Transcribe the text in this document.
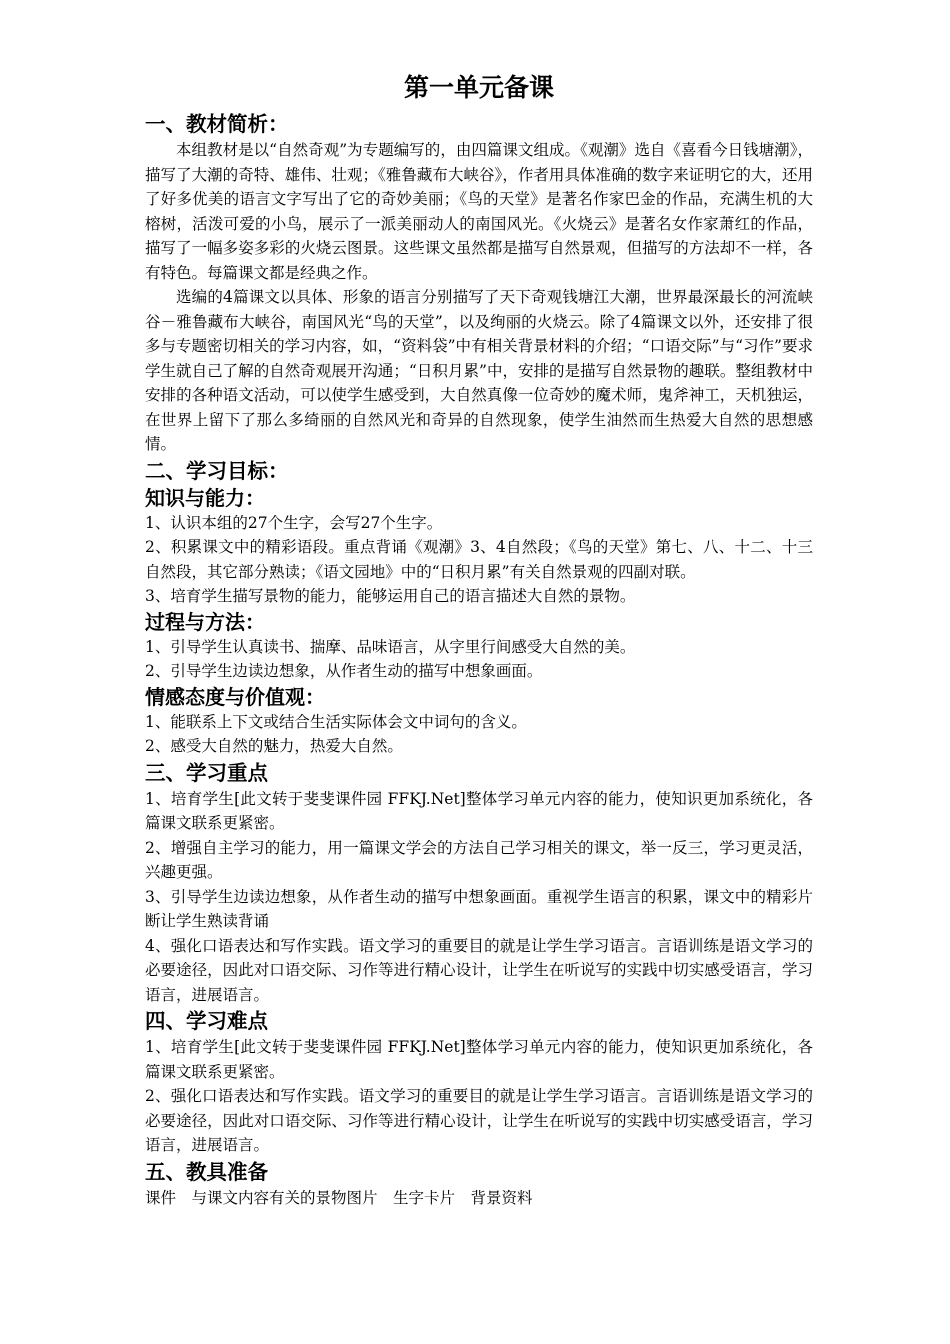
第一单元备课
一、教材简析：

本组教材是以“自然奇观”为专题编写的，由四篇课文组成。《观潮》选自《喜看今日钱塘潮》，描写了大潮的奇特、雄伟、壮观；《雅鲁藏布大峡谷》，作者用具体准确的数字来证明它的大，还用了好多优美的语言文字写出了它的奇妙美丽；《鸟的天堂》是著名作家巴金的作品，充满生机的大榕树，活泼可爱的小鸟，展示了一派美丽动人的南国风光。《火烧云》是著名女作家萧红的作品，描写了一幅多姿多彩的火烧云图景。这些课文虽然都是描写自然景观，但描写的方法却不一样，各有特色。每篇课文都是经典之作。

选编的4篇课文以具体、形象的语言分别描写了天下奇观钱塘江大潮，世界最深最长的河流峡谷－雅鲁藏布大峡谷，南国风光“鸟的天堂”，以及绚丽的火烧云。除了4篇课文以外，还安排了很多与专题密切相关的学习内容，如，“资料袋”中有相关背景材料的介绍；“口语交际”与“习作”要求学生就自己了解的自然奇观展开沟通；“日积月累”中，安排的是描写自然景物的趣联。整组教材中安排的各种语文活动，可以使学生感受到，大自然真像一位奇妙的魔术师，鬼斧神工，天机独运，在世界上留下了那么多绮丽的自然风光和奇异的自然现象，使学生油然而生热爱大自然的思想感情。

二、学习目标：
知识与能力：

1、认识本组的27个生字，会写27个生字。

2、积累课文中的精彩语段。重点背诵《观潮》3、4自然段；《鸟的天堂》第七、八、十二、十三自然段，其它部分熟读；《语文园地》中的“日积月累”有关自然景观的四副对联。

3、培育学生描写景物的能力，能够运用自己的语言描述大自然的景物。

过程与方法：

1、引导学生认真读书、揣摩、品味语言，从字里行间感受大自然的美。

2、引导学生边读边想象，从作者生动的描写中想象画面。

情感态度与价值观：

1、能联系上下文或结合生活实际体会文中词句的含义。

2、感受大自然的魅力，热爱大自然。

三、学习重点

1、培育学生[此文转于斐斐课件园 FFKJ.Net]整体学习单元内容的能力，使知识更加系统化，各篇课文联系更紧密。

2、增强自主学习的能力，用一篇课文学会的方法自己学习相关的课文，举一反三，学习更灵活，兴趣更强。

3、引导学生边读边想象，从作者生动的描写中想象画面。重视学生语言的积累，课文中的精彩片断让学生熟读背诵

4、强化口语表达和写作实践。语文学习的重要目的就是让学生学习语言。言语训练是语文学习的必要途径，因此对口语交际、习作等进行精心设计，让学生在听说写的实践中切实感受语言，学习语言，进展语言。

四、学习难点

1、培育学生[此文转于斐斐课件园 FFKJ.Net]整体学习单元内容的能力，使知识更加系统化，各篇课文联系更紧密。

2、强化口语表达和写作实践。语文学习的重要目的就是让学生学习语言。言语训练是语文学习的必要途径，因此对口语交际、习作等进行精心设计，让学生在听说写的实践中切实感受语言，学习语言，进展语言。

五、教具准备

课件　与课文内容有关的景物图片　生字卡片　背景资料
